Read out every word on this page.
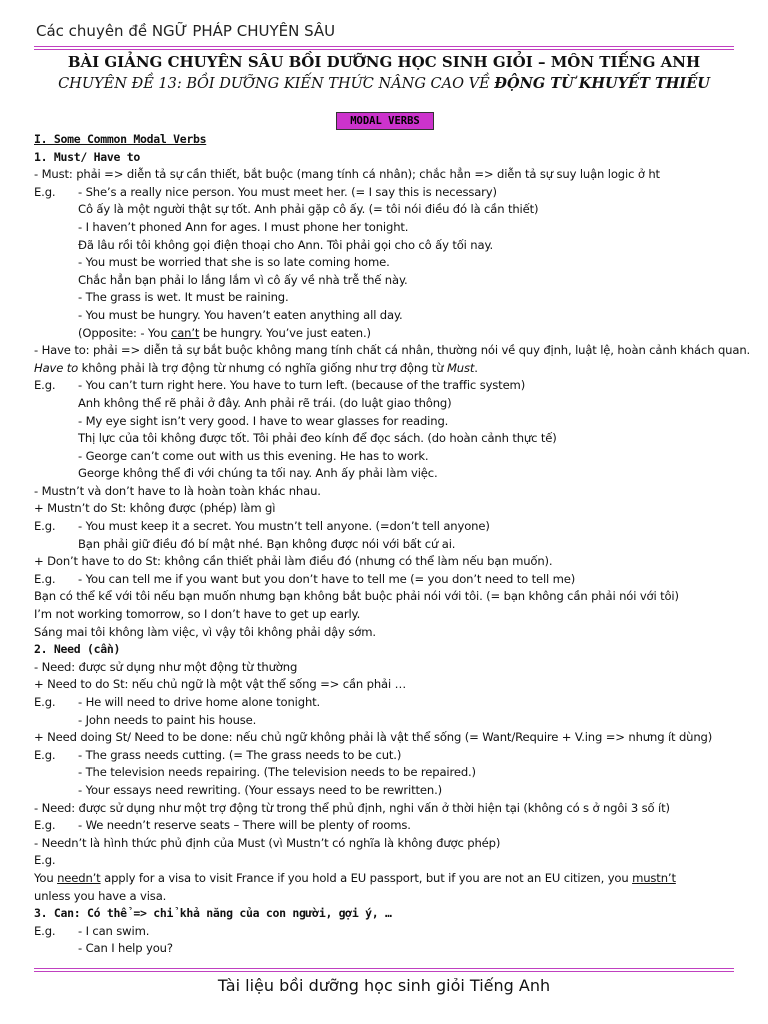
Các chuyên đề NGỮ PHÁP CHUYÊN SÂU
BÀI GIẢNG CHUYÊN SÂU BỒI DƯỠNG HỌC SINH GIỎI – MÔN TIẾNG ANH
CHUYÊN ĐỀ 13: BỒI DƯỠNG KIẾN THỨC NÂNG CAO VỀ ĐỘNG TỪ KHUYẾT THIẾU
MODAL VERBS
I. Some Common Modal Verbs
1. Must/ Have to
- Must: phải => diễn tả sự cần thiết, bắt buộc (mang tính cá nhân); chắc hẳn => diễn tả sự suy luận logic ở ht
E.g. - She’s a really nice person. You must meet her. (= I say this is necessary)
Cô ấy là một người thật sự tốt. Anh phải gặp cô ấy. (= tôi nói điều đó là cần thiết)
- I haven’t phoned Ann for ages. I must phone her tonight.
Đã lâu rồi tôi không gọi điện thoại cho Ann. Tôi phải gọi cho cô ấy tối nay.
- You must be worried that she is so late coming home.
Chắc hẳn bạn phải lo lắng lắm vì cô ấy về nhà trễ thế này.
- The grass is wet. It must be raining.
- You must be hungry. You haven’t eaten anything all day.
(Opposite: - You can’t be hungry. You’ve just eaten.)
- Have to: phải => diễn tả sự bắt buộc không mang tính chất cá nhân, thường nói về quy định, luật lệ, hoàn cảnh khách quan.
Have to không phải là trợ động từ nhưng có nghĩa giống như trợ động từ Must.
E.g. - You can’t turn right here. You have to turn left. (because of the traffic system)
Anh không thể rẽ phải ở đây. Anh phải rẽ trái. (do luật giao thông)
- My eye sight isn’t very good. I have to wear glasses for reading.
Thị lực của tôi không được tốt. Tôi phải đeo kính để đọc sách. (do hoàn cảnh thực tế)
- George can’t come out with us this evening. He has to work.
George không thể đi với chúng ta tối nay. Anh ấy phải làm việc.
- Mustn’t và don’t have to là hoàn toàn khác nhau.
+ Mustn’t do St: không được (phép) làm gì
E.g. - You must keep it a secret. You mustn’t tell anyone. (=don’t tell anyone)
Bạn phải giữ điều đó bí mật nhé. Bạn không được nói với bất cứ ai.
+ Don’t have to do St: không cần thiết phải làm điều đó (nhưng có thể làm nếu bạn muốn).
E.g. - You can tell me if you want but you don’t have to tell me (= you don’t need to tell me)
Bạn có thể kể với tôi nếu bạn muốn nhưng bạn không bắt buộc phải nói với tôi. (= bạn không cần phải nói với tôi)
I’m not working tomorrow, so I don’t have to get up early.
Sáng mai tôi không làm việc, vì vậy tôi không phải dậy sớm.
2. Need (cần)
- Need: được sử dụng như một động từ thường
+ Need to do St: nếu chủ ngữ là một vật thể sống => cần phải …
E.g. - He will need to drive home alone tonight.
- John needs to paint his house.
+ Need doing St/ Need to be done: nếu chủ ngữ không phải là vật thể sống (= Want/Require + V.ing => nhưng ít dùng)
E.g. - The grass needs cutting. (= The grass needs to be cut.)
- The television needs repairing. (The television needs to be repaired.)
- Your essays need rewriting. (Your essays need to be rewritten.)
- Need: được sử dụng như một trợ động từ trong thể phủ định, nghi vấn ở thời hiện tại (không có s ở ngôi 3 số ít)
E.g. - We needn’t reserve seats – There will be plenty of rooms.
- Needn’t là hình thức phủ định của Must (vì Mustn’t có nghĩa là không được phép)
E.g.
You needn’t apply for a visa to visit France if you hold a EU passport, but if you are not an EU citizen, you mustn’t
unless you have a visa.
3. Can: Có thể => chỉ khả năng của con người, gợi ý, …
E.g. - I can swim.
- Can I help you?
Tài liệu bồi dưỡng học sinh giỏi Tiếng Anh
